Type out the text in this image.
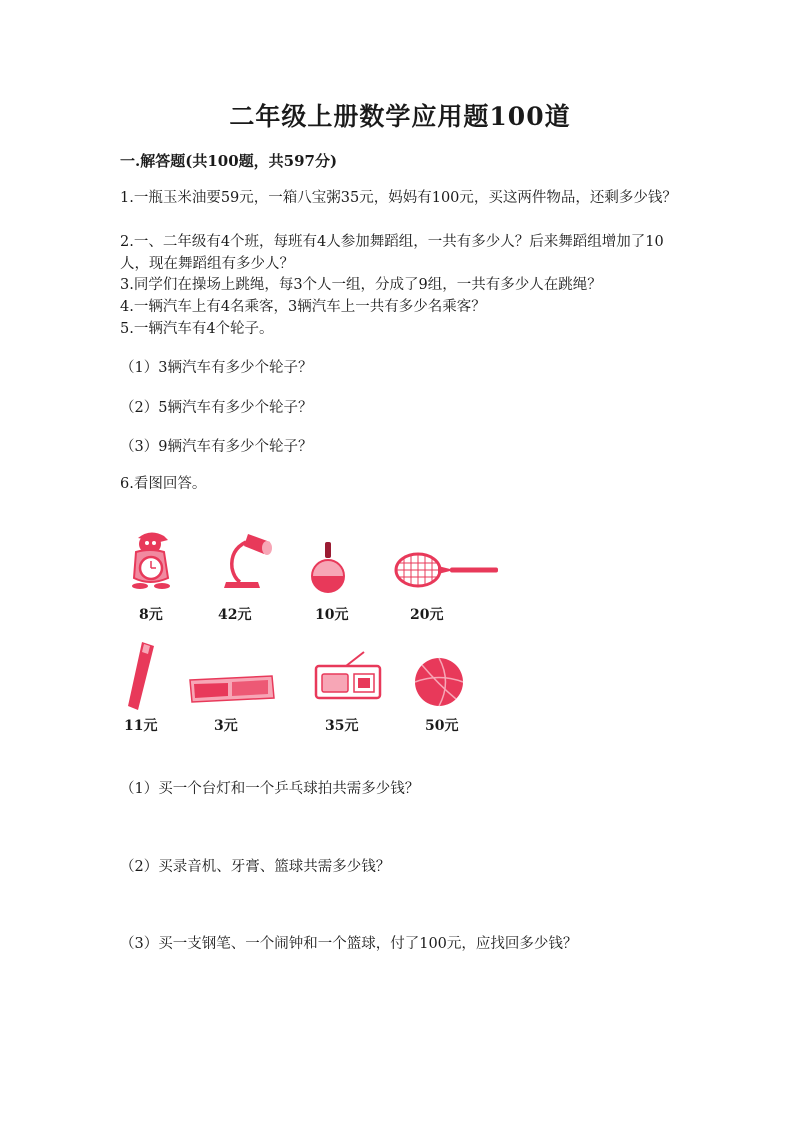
二年级上册数学应用题100道
一.解答题(共100题，共597分)
1.一瓶玉米油要59元，一箱八宝粥35元，妈妈有100元，买这两件物品，还剩多少钱？
2.一、二年级有4个班，每班有4人参加舞蹈组，一共有多少人？后来舞蹈组增加了10人，现在舞蹈组有多少人？
3.同学们在操场上跳绳，每3个人一组，分成了9组，一共有多少人在跳绳？
4.一辆汽车上有4名乘客，3辆汽车上一共有多少名乘客？
5.一辆汽车有4个轮子。
（1）3辆汽车有多少个轮子？
（2）5辆汽车有多少个轮子？
（3）9辆汽车有多少个轮子？
6.看图回答。
8元	42元	10元	20元
11元	3元	35元	50元
（1）买一个台灯和一个乒乓球拍共需多少钱？
（2）买录音机、牙膏、篮球共需多少钱？
（3）买一支钢笔、一个闹钟和一个篮球，付了100元，应找回多少钱？
